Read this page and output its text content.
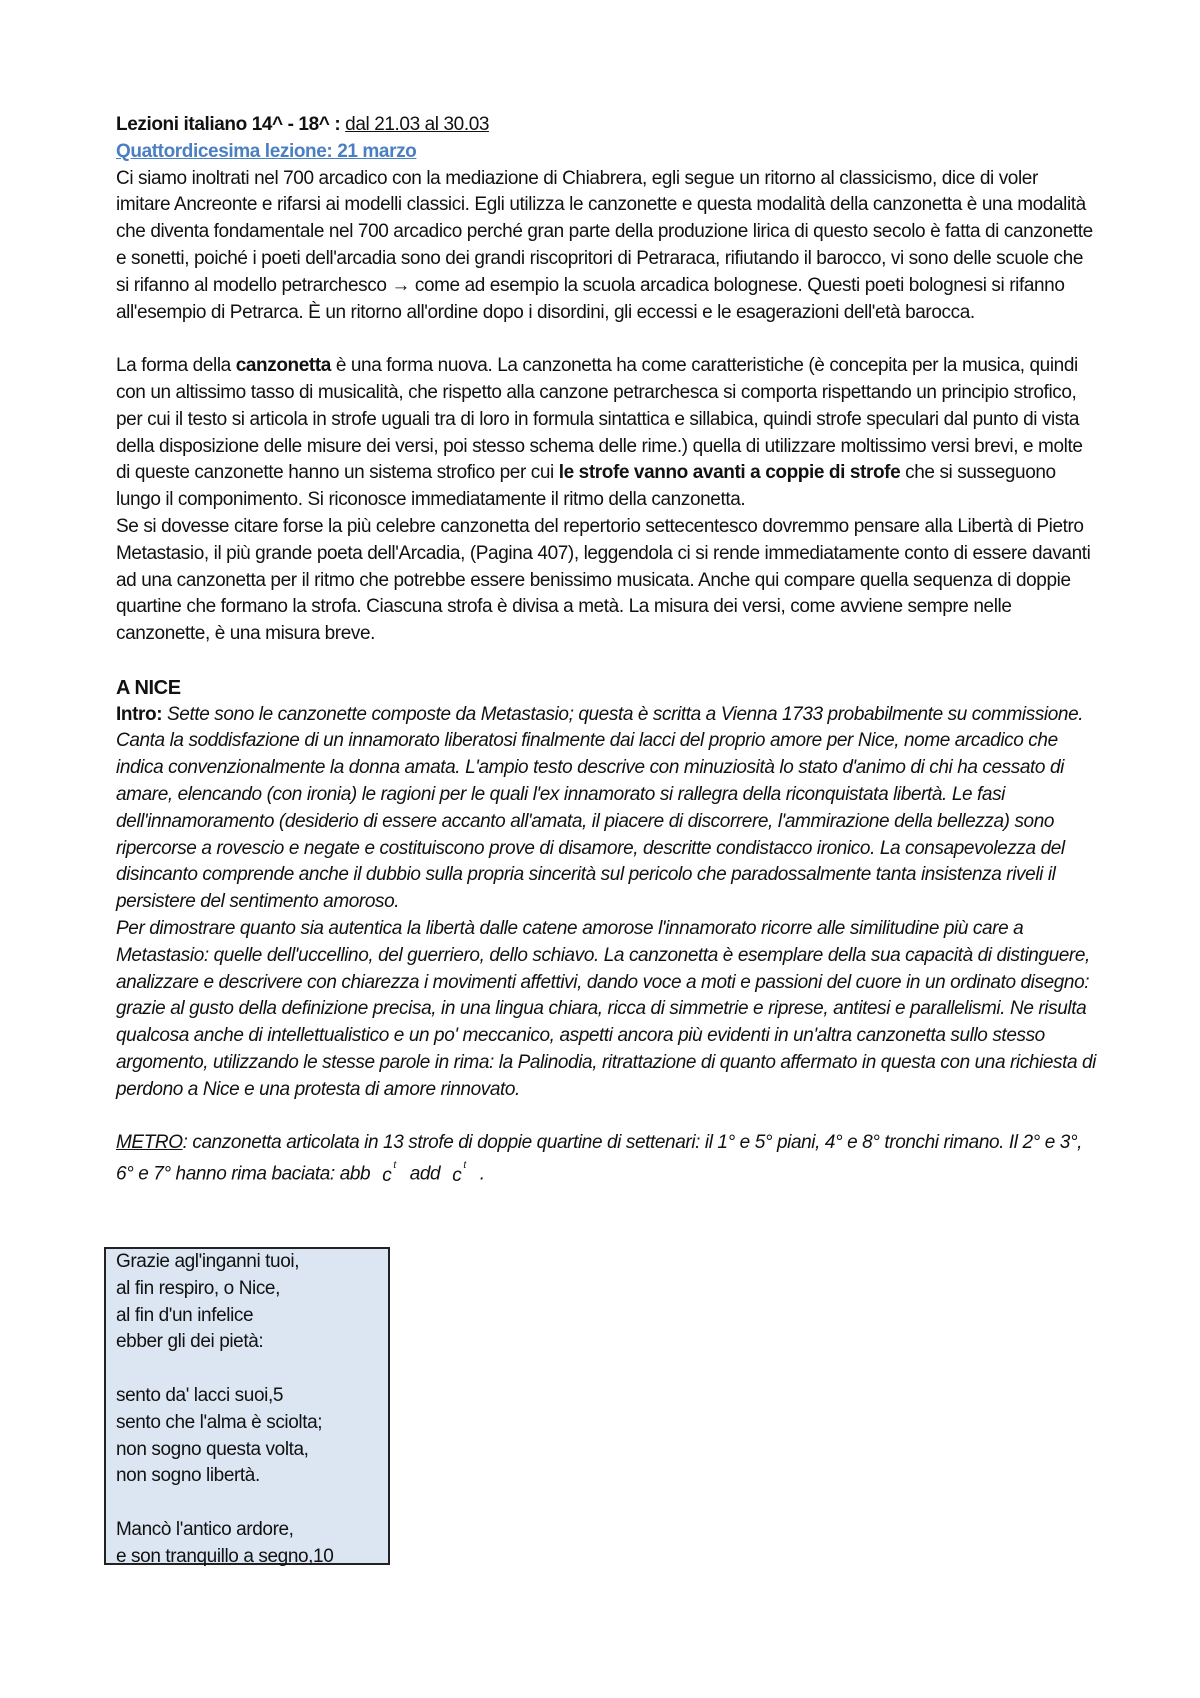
Lezioni italiano 14^ - 18^ : dal 21.03 al 30.03

Quattordicesima lezione: 21 marzo

Ci siamo inoltrati nel 700 arcadico con la mediazione di Chiabrera, egli segue un ritorno al classicismo, dice di voler imitare Ancreonte e rifarsi ai modelli classici. Egli utilizza le canzonette e questa modalità della canzonetta è una modalità che diventa fondamentale nel 700 arcadico perché gran parte della produzione lirica di questo secolo è fatta di canzonette e sonetti, poiché i poeti dell'arcadia sono dei grandi riscopritori di Petraraca, rifiutando il barocco, vi sono delle scuole che si rifanno al modello petrarchesco → come ad esempio la scuola arcadica bolognese. Questi poeti bolognesi si rifanno all'esempio di Petrarca. È un ritorno all'ordine dopo i disordini, gli eccessi e le esagerazioni dell'età barocca.

La forma della canzonetta è una forma nuova. La canzonetta ha come caratteristiche (è concepita per la musica, quindi con un altissimo tasso di musicalità, che rispetto alla canzone petrarchesca si comporta rispettando un principio strofico, per cui il testo si articola in strofe uguali tra di loro in formula sintattica e sillabica, quindi strofe speculari dal punto di vista della disposizione delle misure dei versi, poi stesso schema delle rime.) quella di utilizzare moltissimo versi brevi, e molte di queste canzonette hanno un sistema strofico per cui le strofe vanno avanti a coppie di strofe che si susseguono lungo il componimento. Si riconosce immediatamente il ritmo della canzonetta.

Se si dovesse citare forse la più celebre canzonetta del repertorio settecentesco dovremmo pensare alla Libertà di Pietro Metastasio, il più grande poeta dell'Arcadia, (Pagina 407), leggendola ci si rende immediatamente conto di essere davanti ad una canzonetta per il ritmo che potrebbe essere benissimo musicata. Anche qui compare quella sequenza di doppie quartine che formano la strofa. Ciascuna strofa è divisa a metà. La misura dei versi, come avviene sempre nelle canzonette, è una misura breve.

A NICE

Intro: Sette sono le canzonette composte da Metastasio; questa è scritta a Vienna 1733 probabilmente su commissione. Canta la soddisfazione di un innamorato liberatosi finalmente dai lacci del proprio amore per Nice, nome arcadico che indica convenzionalmente la donna amata. L'ampio testo descrive con minuziosità lo stato d'animo di chi ha cessato di amare, elencando (con ironia) le ragioni per le quali l'ex innamorato si rallegra della riconquistata libertà. Le fasi dell'innamoramento (desiderio di essere accanto all'amata, il piacere di discorrere, l'ammirazione della bellezza) sono ripercorse a rovescio e negate e costituiscono prove di disamore, descritte condistacco ironico. La consapevolezza del disincanto comprende anche il dubbio sulla propria sincerità sul pericolo che paradossalmente tanta insistenza riveli il persistere del sentimento amoroso.

Per dimostrare quanto sia autentica la libertà dalle catene amorose l'innamorato ricorre alle similitudine più care a Metastasio: quelle dell'uccellino, del guerriero, dello schiavo. La canzonetta è esemplare della sua capacità di distinguere, analizzare e descrivere con chiarezza i movimenti affettivi, dando voce a moti e passioni del cuore in un ordinato disegno: grazie al gusto della definizione precisa, in una lingua chiara, ricca di simmetrie e riprese, antitesi e parallelismi. Ne risulta qualcosa anche di intellettualistico e un po' meccanico, aspetti ancora più evidenti in un'altra canzonetta sullo stesso argomento, utilizzando le stesse parole in rima: la Palinodia, ritrattazione di quanto affermato in questa con una richiesta di perdono a Nice e una protesta di amore rinnovato.

METRO: canzonetta articolata in 13 strofe di doppie quartine di settenari: il 1° e 5° piani, 4° e 8° tronchi rimano. Il 2° e 3°, 6° e 7° hanno rima baciata: abb c $^t$ add c $^t$ .

Grazie agl'inganni tuoi,
al fin respiro, o Nice,
al fin d'un infelice
ebber gli dei pietà:
sento da' lacci suoi,5
sento che l'alma è sciolta;
non sogno questa volta,
non sogno libertà.
Mancò l'antico ardore,
e son tranquillo a segno,10
